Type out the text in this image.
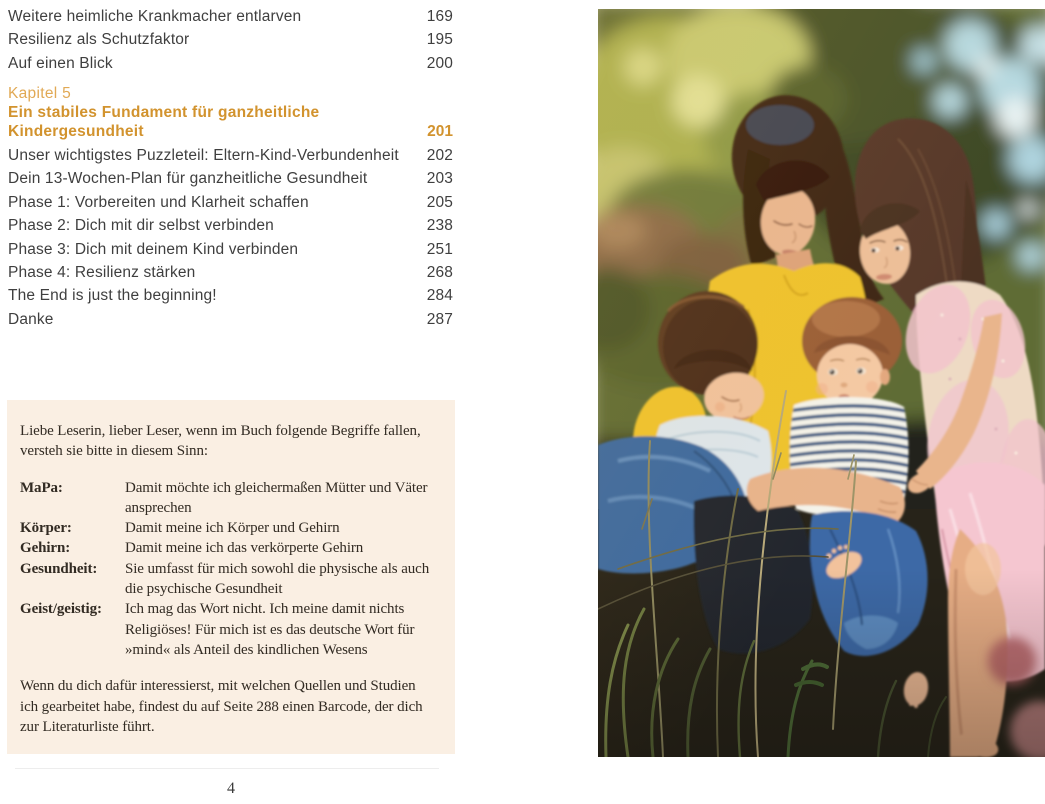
Weitere heimliche Krankmacher entlarven	169
Resilienz als Schutzfaktor	195
Auf einen Blick	200
Kapitel 5
Ein stabiles Fundament für ganzheitliche
Kindergesundheit	201
Unser wichtigstes Puzzleteil: Eltern-Kind-Verbundenheit 202
Dein 13-Wochen-Plan für ganzheitliche Gesundheit	203
Phase 1: Vorbereiten und Klarheit schaffen	205
Phase 2: Dich mit dir selbst verbinden	238
Phase 3: Dich mit deinem Kind verbinden	251
Phase 4: Resilienz stärken	268
The End is just the beginning!	284
Danke	287
Liebe Leserin, lieber Leser, wenn im Buch folgende Begriffe fallen, versteh sie bitte in diesem Sinn:
MaPa:	Damit möchte ich gleichermaßen Mütter und Väter ansprechen
Körper:	Damit meine ich Körper und Gehirn
Gehirn:	Damit meine ich das verkörperte Gehirn
Gesundheit:	Sie umfasst für mich sowohl die physische als auch die psychische Gesundheit
Geist/geistig:	Ich mag das Wort nicht. Ich meine damit nichts Religiöses! Für mich ist es das deutsche Wort für »mind« als Anteil des kindlichen Wesens
Wenn du dich dafür interessierst, mit welchen Quellen und Studien ich gearbeitet habe, findest du auf Seite 288 einen Barcode, der dich zur Literaturliste führt.
4
